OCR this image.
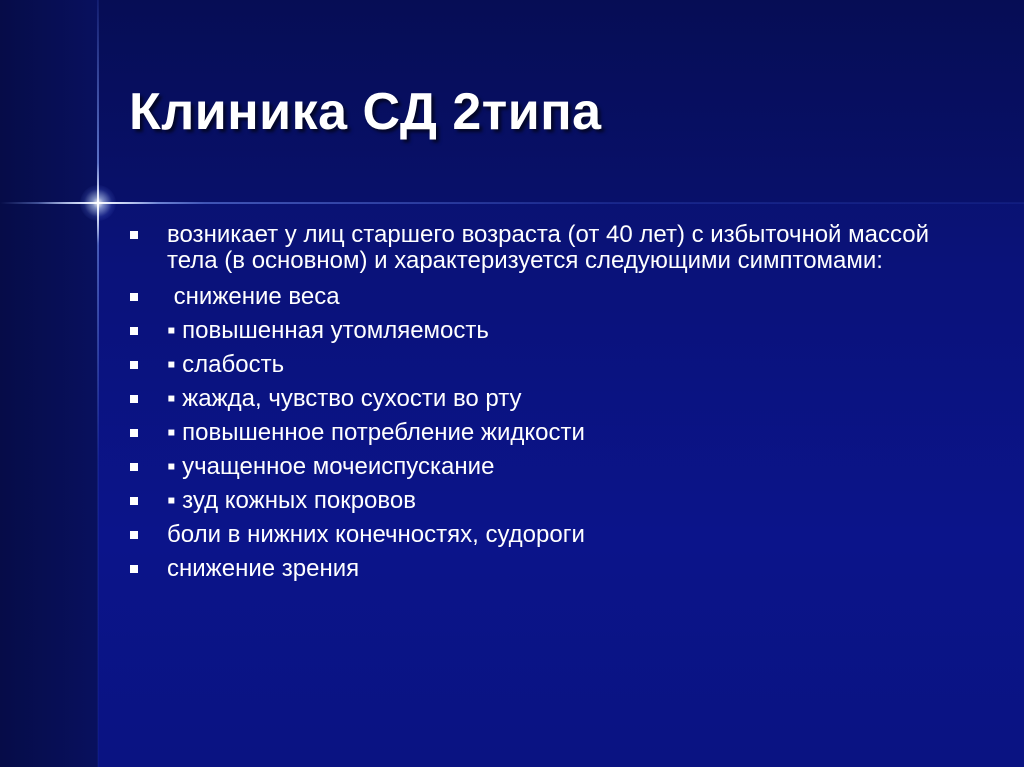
Клиника СД 2типа
возникает у лиц старшего возраста (от 40 лет) с избыточной массой тела (в основном) и характеризуется следующими симптомами:
снижение веса
▪ повышенная утомляемость
▪ слабость
▪ жажда, чувство сухости во рту
▪ повышенное потребление жидкости
▪ учащенное мочеиспускание
▪ зуд кожных покровов
боли в нижних конечностях, судороги
снижение зрения
